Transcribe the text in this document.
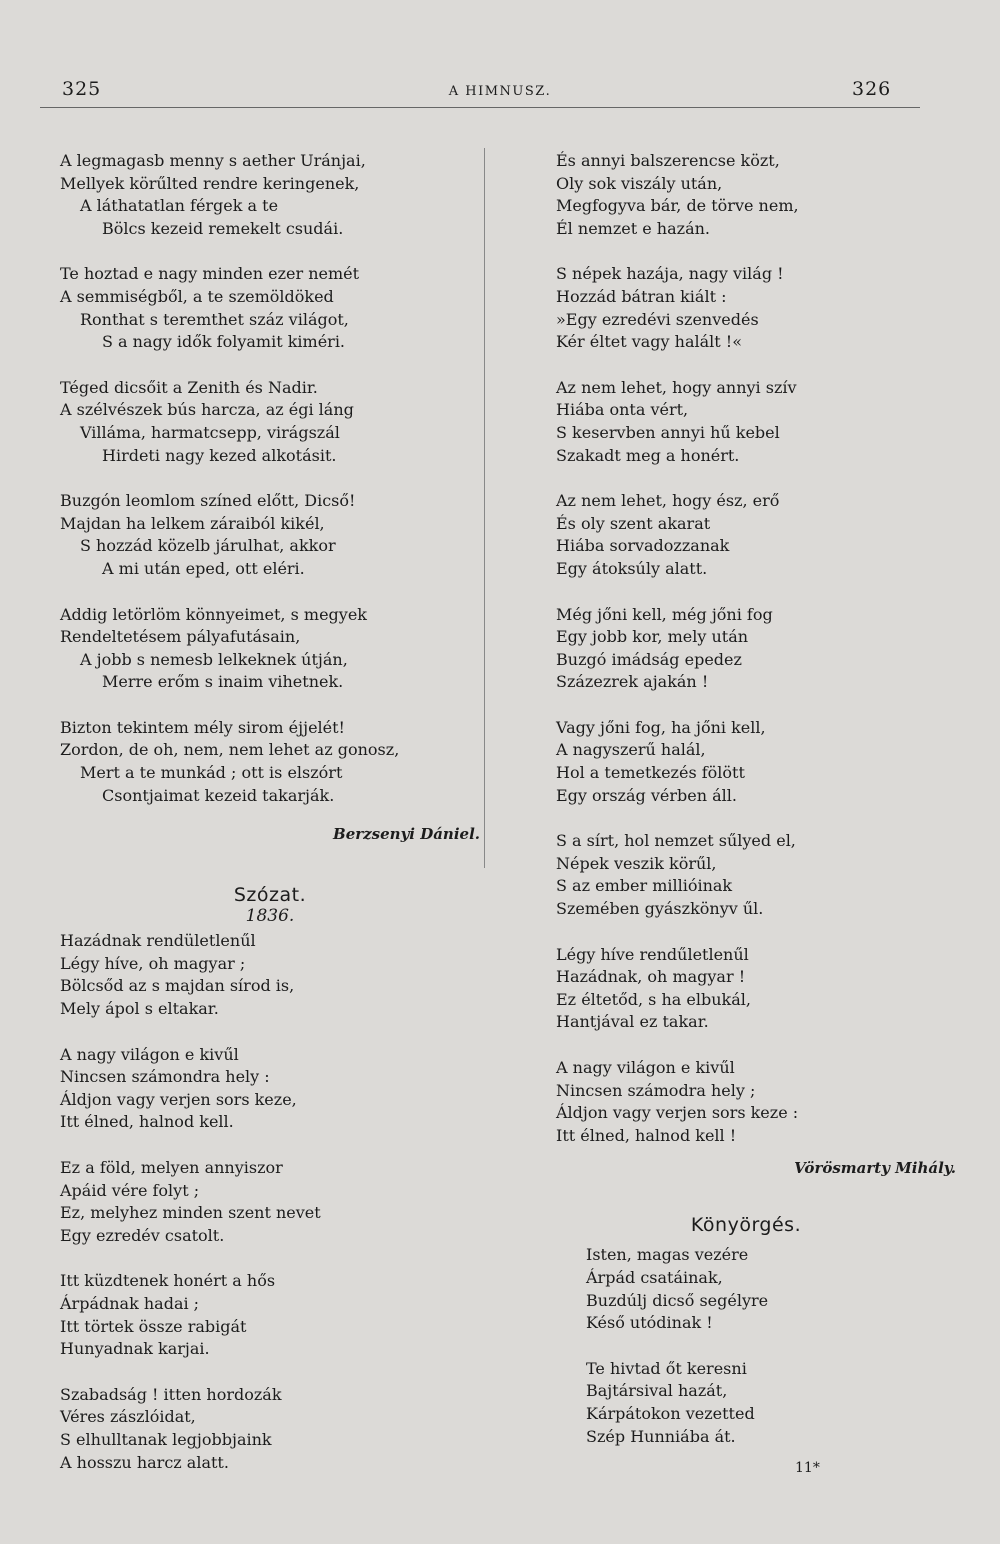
325	A HIMNUSZ.	326
A legmagasb menny s aether Uránjai,
Mellyek körűlted rendre keringenek,
A láthatatlan férgek a te
Bölcs kezeid remekelt csudái.
Te hoztad e nagy minden ezer nemét
A semmiségből, a te szemöldöked
Ronthat s teremthet száz világot,
S a nagy idők folyamit kiméri.
Téged dicsőit a Zenith és Nadir.
A szélvészek bús harcza, az égi láng
Villáma, harmatcsepp, virágszál
Hirdeti nagy kezed alkotásit.
Buzgón leomlom színed előtt, Dicső!
Majdan ha lelkem záraiból kikél,
S hozzád közelb járulhat, akkor
A mi után eped, ott eléri.
Addig letörlöm könnyeimet, s megyek
Rendeltetésem pályafutásain,
A jobb s nemesb lelkeknek útján,
Merre erőm s inaim vihetnek.
Bizton tekintem mély sirom éjjelét!
Zordon, de oh, nem, nem lehet az gonosz,
Mert a te munkád ; ott is elszórt
Csontjaimat kezeid takarják.
Berzsenyi Dániel.
Szózat.
1836.
Hazádnak rendületlenűl
Légy híve, oh magyar ;
Bölcsőd az s majdan sírod is,
Mely ápol s eltakar.
A nagy világon e kivűl
Nincsen számondra hely :
Áldjon vagy verjen sors keze,
Itt élned, halnod kell.
Ez a föld, melyen annyiszor
Apáid vére folyt ;
Ez, melyhez minden szent nevet
Egy ezredév csatolt.
Itt küzdtenek honért a hős
Árpádnak hadai ;
Itt törtek össze rabigát
Hunyadnak karjai.
Szabadság ! itten hordozák
Véres zászlóidat,
S elhulltanak legjobbjaink
A hosszu harcz alatt.
És annyi balszerencse közt,
Oly sok viszály után,
Megfogyva bár, de törve nem,
Él nemzet e hazán.
S népek hazája, nagy világ !
Hozzád bátran kiált :
»Egy ezredévi szenvedés
Kér éltet vagy halált !«
Az nem lehet, hogy annyi szív
Hiába onta vért,
S keservben annyi hű kebel
Szakadt meg a honért.
Az nem lehet, hogy ész, erő
És oly szent akarat
Hiába sorvadozzanak
Egy átoksúly alatt.
Még jőni kell, még jőni fog
Egy jobb kor, mely után
Buzgó imádság epedez
Százezrek ajakán !
Vagy jőni fog, ha jőni kell,
A nagyszerű halál,
Hol a temetkezés fölött
Egy ország vérben áll.
S a sírt, hol nemzet sűlyed el,
Népek veszik körűl,
S az ember millióinak
Szemében gyászkönyv űl.
Légy híve rendűletlenűl
Hazádnak, oh magyar !
Ez éltetőd, s ha elbukál,
Hantjával ez takar.
A nagy világon e kivűl
Nincsen számodra hely ;
Áldjon vagy verjen sors keze :
Itt élned, halnod kell !
Vörösmarty Mihály.
Könyörgés.
Isten, magas vezére
Árpád csatáinak,
Buzdúlj dicső segélyre
Késő utódinak !
Te hivtad őt keresni
Bajtársival hazát,
Kárpátokon vezetted
Szép Hunniába át.
11*
